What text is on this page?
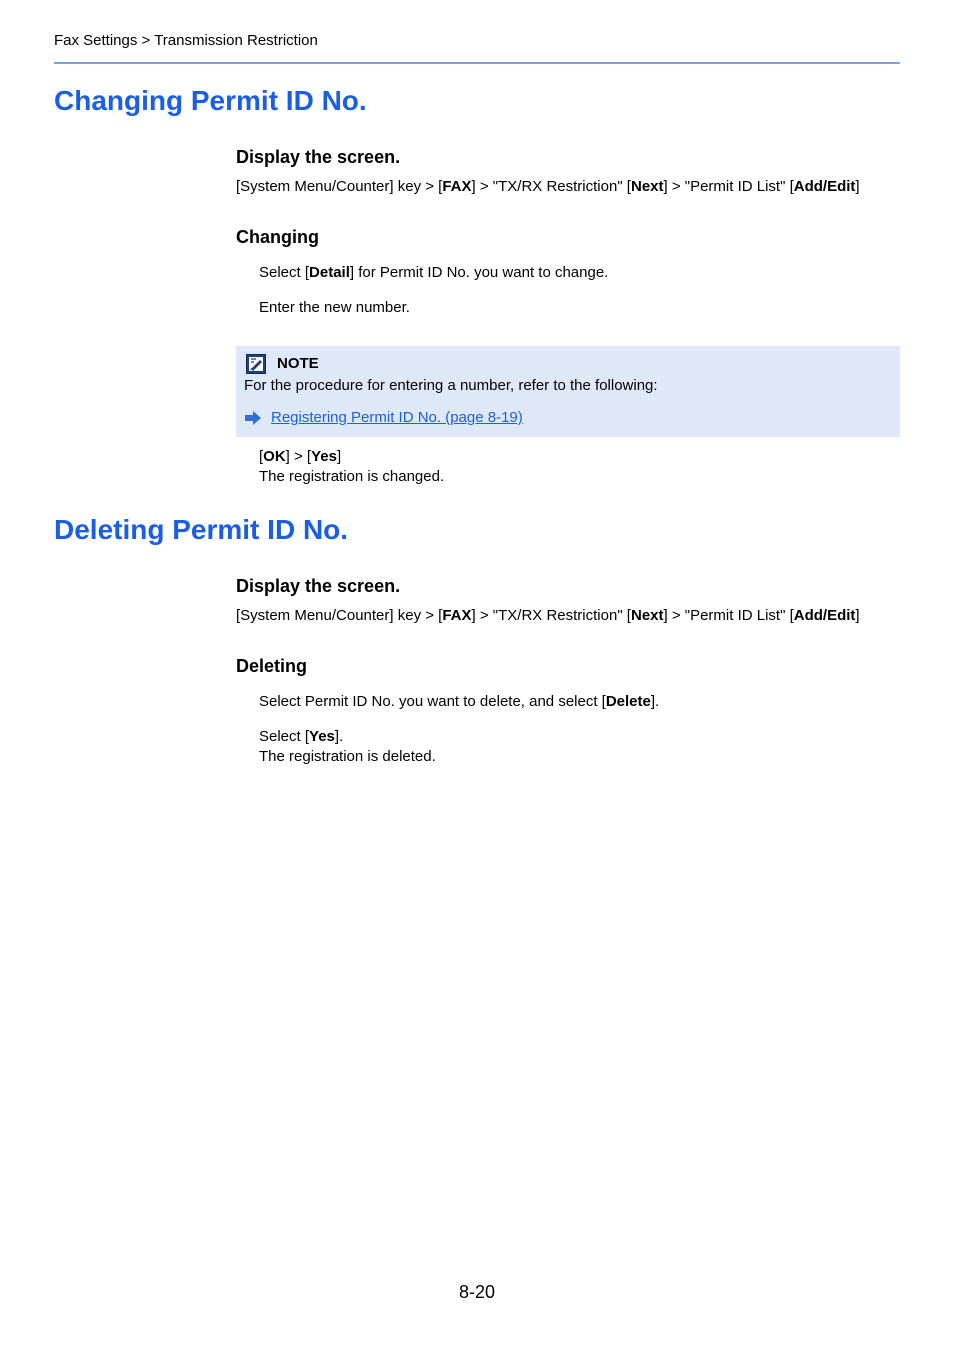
Fax Settings > Transmission Restriction
Changing Permit ID No.
Display the screen.
[System Menu/Counter] key > [FAX] > "TX/RX Restriction" [Next] > "Permit ID List" [Add/Edit]
Changing
Select [Detail] for Permit ID No. you want to change.
Enter the new number.
NOTE
For the procedure for entering a number, refer to the following:
Registering Permit ID No. (page 8-19)
[OK] > [Yes]
The registration is changed.
Deleting Permit ID No.
Display the screen.
[System Menu/Counter] key > [FAX] > "TX/RX Restriction" [Next] > "Permit ID List" [Add/Edit]
Deleting
Select Permit ID No. you want to delete, and select [Delete].
Select [Yes].
The registration is deleted.
8-20
